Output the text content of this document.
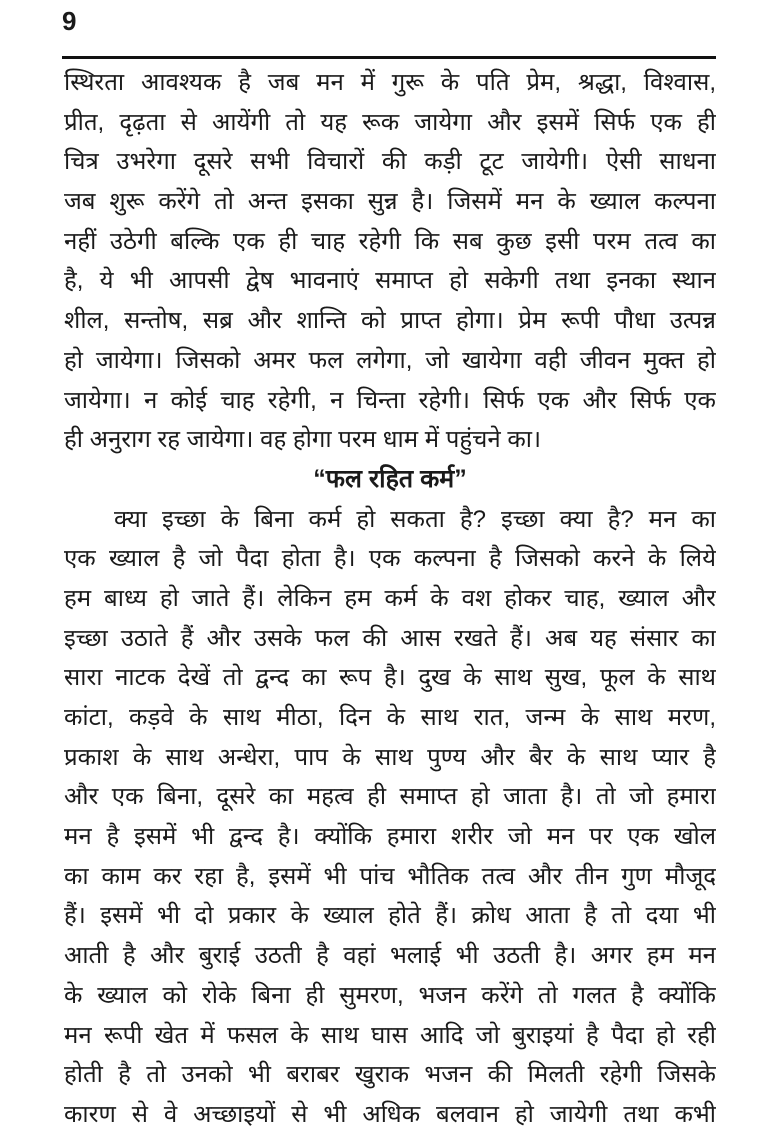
9
स्थिरता आवश्यक है जब मन में गुरू के पति प्रेम, श्रद्धा, विश्वास,
प्रीत, दृढ़ता से आयेंगी तो यह रूक जायेगा और इसमें सिर्फ एक ही
चित्र उभरेगा दूसरे सभी विचारों की कड़ी टूट जायेगी। ऐसी साधना
जब शुरू करेंगे तो अन्त इसका सुन्न है। जिसमें मन के ख्याल कल्पना
नहीं उठेगी बल्कि एक ही चाह रहेगी कि सब कुछ इसी परम तत्व का
है, ये भी आपसी द्वेष भावनाएं समाप्त हो सकेगी तथा इनका स्थान
शील, सन्तोष, सब्र और शान्ति को प्राप्त होगा। प्रेम रूपी पौधा उत्पन्न
हो जायेगा। जिसको अमर फल लगेगा, जो खायेगा वही जीवन मुक्त हो
जायेगा। न कोई चाह रहेगी, न चिन्ता रहेगी। सिर्फ एक और सिर्फ एक
ही अनुराग रह जायेगा। वह होगा परम धाम में पहुंचने का।
“फल रहित कर्म”
क्या इच्छा के बिना कर्म हो सकता है? इच्छा क्या है? मन का
एक ख्याल है जो पैदा होता है। एक कल्पना है जिसको करने के लिये
हम बाध्य हो जाते हैं। लेकिन हम कर्म के वश होकर चाह, ख्याल और
इच्छा उठाते हैं और उसके फल की आस रखते हैं। अब यह संसार का
सारा नाटक देखें तो द्वन्द का रूप है। दुख के साथ सुख, फूल के साथ
कांटा, कड़वे के साथ मीठा, दिन के साथ रात, जन्म के साथ मरण,
प्रकाश के साथ अन्धेरा, पाप के साथ पुण्य और बैर के साथ प्यार है
और एक बिना, दूसरे का महत्व ही समाप्त हो जाता है। तो जो हमारा
मन है इसमें भी द्वन्द है। क्योंकि हमारा शरीर जो मन पर एक खोल
का काम कर रहा है, इसमें भी पांच भौतिक तत्व और तीन गुण मौजूद
हैं। इसमें भी दो प्रकार के ख्याल होते हैं। क्रोध आता है तो दया भी
आती है और बुराई उठती है वहां भलाई भी उठती है। अगर हम मन
के ख्याल को रोके बिना ही सुमरण, भजन करेंगे तो गलत है क्योंकि
मन रूपी खेत में फसल के साथ घास आदि जो बुराइयां है पैदा हो रही
होती है तो उनको भी बराबर खुराक भजन की मिलती रहेगी जिसके
कारण से वे अच्छाइयों से भी अधिक बलवान हो जायेगी तथा कभी
